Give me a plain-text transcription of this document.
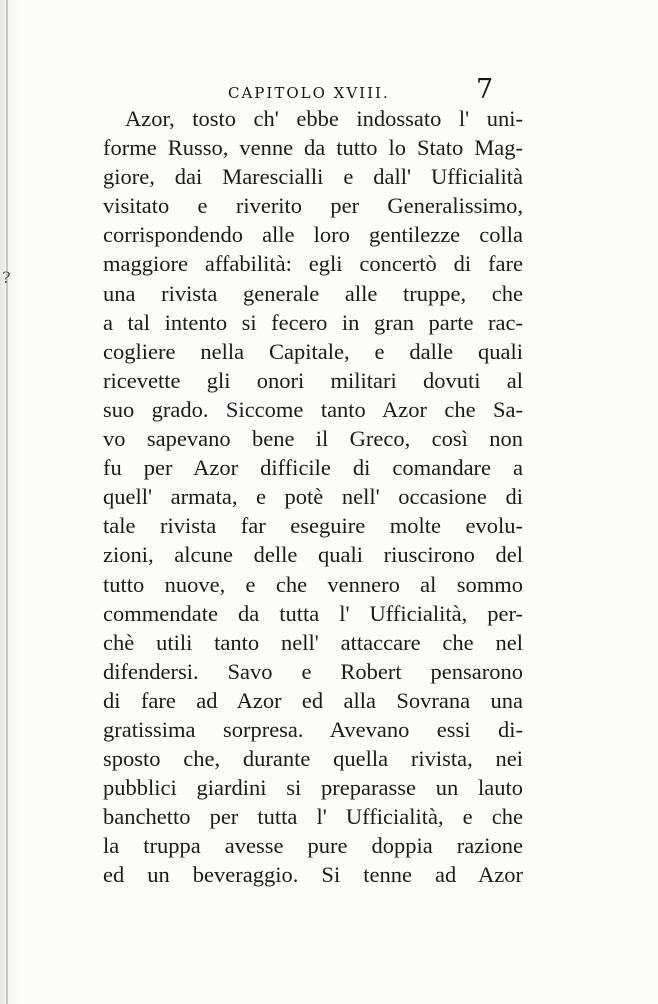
?
CAPITOLO XVIII.	7
Azor, tosto ch' ebbe indossato l' uni-
forme Russo, venne da tutto lo Stato Mag-
giore, dai Marescialli e dall' Ufficialità
visitato e riverito per Generalissimo,
corrispondendo alle loro gentilezze colla
maggiore affabilità: egli concertò di fare
una rivista generale alle truppe, che
a tal intento si fecero in gran parte rac-
cogliere nella Capitale, e dalle quali
ricevette gli onori militari dovuti al
suo grado. Siccome tanto Azor che Sa-
vo sapevano bene il Greco, così non
fu per Azor difficile di comandare a
quell' armata, e potè nell' occasione di
tale rivista far eseguire molte evolu-
zioni, alcune delle quali riuscirono del
tutto nuove, e che vennero al sommo
commendate da tutta l' Ufficialità, per-
chè utili tanto nell' attaccare che nel
difendersi. Savo e Robert pensarono
di fare ad Azor ed alla Sovrana una
gratissima sorpresa. Avevano essi di-
sposto che, durante quella rivista, nei
pubblici giardini si preparasse un lauto
banchetto per tutta l' Ufficialità, e che
la truppa avesse pure doppia razione
ed un beveraggio. Si tenne ad Azor
